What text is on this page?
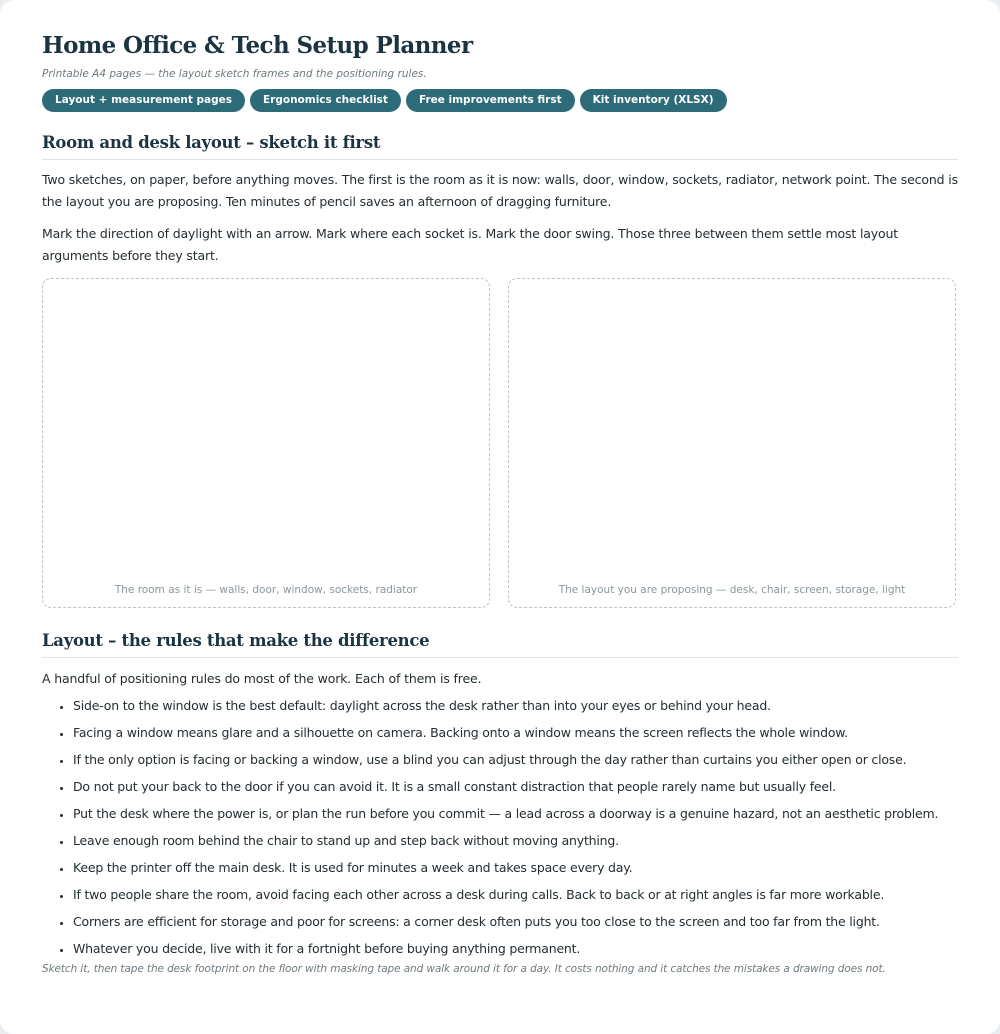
Home Office & Tech Setup Planner

Printable A4 pages — the layout sketch frames and the positioning rules.

Layout + measurement pages	Ergonomics checklist	Free improvements first	Kit inventory (XLSX)
Room and desk layout – sketch it first

Two sketches, on paper, before anything moves. The first is the room as it is now: walls, door, window, sockets, radiator, network point. The second is the layout you are proposing. Ten minutes of pencil saves an afternoon of dragging furniture.

Mark the direction of daylight with an arrow. Mark where each socket is. Mark the door swing. Those three between them settle most layout arguments before they start.

The room as it is — walls, door, window, sockets, radiator	The layout you are proposing — desk, chair, screen, storage, light
Layout – the rules that make the difference

A handful of positioning rules do most of the work. Each of them is free.

• Side-on to the window is the best default: daylight across the desk rather than into your eyes or behind your head.
• Facing a window means glare and a silhouette on camera. Backing onto a window means the screen reflects the whole window.
• If the only option is facing or backing a window, use a blind you can adjust through the day rather than curtains you either open or close.
• Do not put your back to the door if you can avoid it. It is a small constant distraction that people rarely name but usually feel.
• Put the desk where the power is, or plan the run before you commit — a lead across a doorway is a genuine hazard, not an aesthetic problem.
• Leave enough room behind the chair to stand up and step back without moving anything.
• Keep the printer off the main desk. It is used for minutes a week and takes space every day.
• If two people share the room, avoid facing each other across a desk during calls. Back to back or at right angles is far more workable.
• Corners are efficient for storage and poor for screens: a corner desk often puts you too close to the screen and too far from the light.
• Whatever you decide, live with it for a fortnight before buying anything permanent.

Sketch it, then tape the desk footprint on the floor with masking tape and walk around it for a day. It costs nothing and it catches the mistakes a drawing does not.
